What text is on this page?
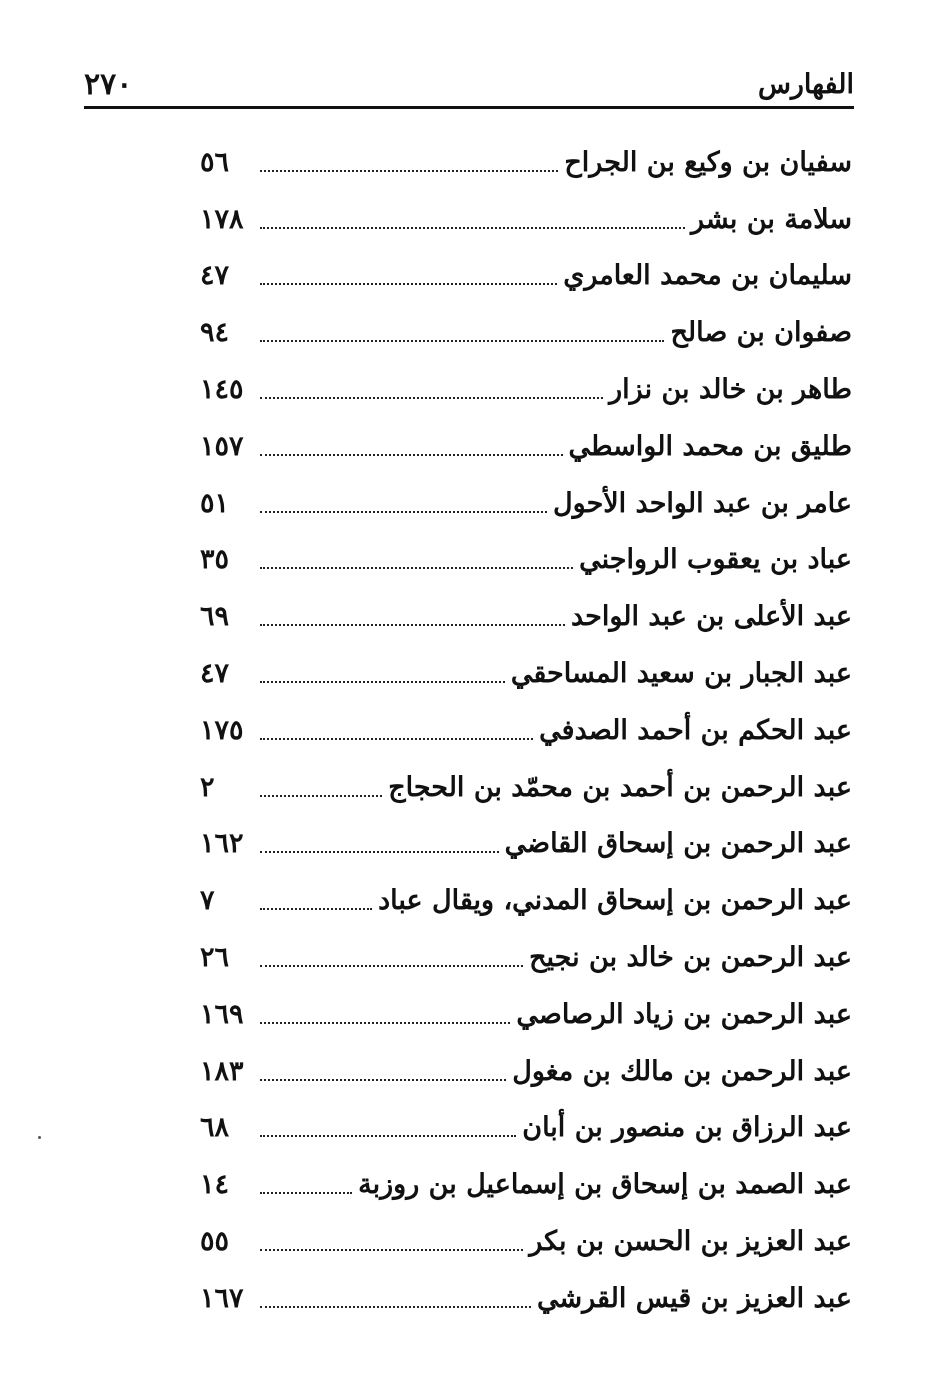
الفهارس
٢٧٠
سفيان بن وكيع بن الجراح
٥٦
سلامة بن بشر
١٧٨
سليمان بن محمد العامري
٤٧
صفوان بن صالح
٩٤
طاهر بن خالد بن نزار
١٤٥
طليق بن محمد الواسطي
١٥٧
عامر بن عبد الواحد الأحول
٥١
عباد بن يعقوب الرواجني
٣٥
عبد الأعلى بن عبد الواحد
٦٩
عبد الجبار بن سعيد المساحقي
٤٧
عبد الحكم بن أحمد الصدفي
١٧٥
عبد الرحمن بن أحمد بن محمّد بن الحجاج
٢
عبد الرحمن بن إسحاق القاضي
١٦٢
عبد الرحمن بن إسحاق المدني، ويقال عباد
٧
عبد الرحمن بن خالد بن نجيح
٢٦
عبد الرحمن بن زياد الرصاصي
١٦٩
عبد الرحمن بن مالك بن مغول
١٨٣
عبد الرزاق بن منصور بن أبان
٦٨
عبد الصمد بن إسحاق بن إسماعيل بن روزبة
١٤
عبد العزيز بن الحسن بن بكر
٥٥
عبد العزيز بن قيس القرشي
١٦٧
